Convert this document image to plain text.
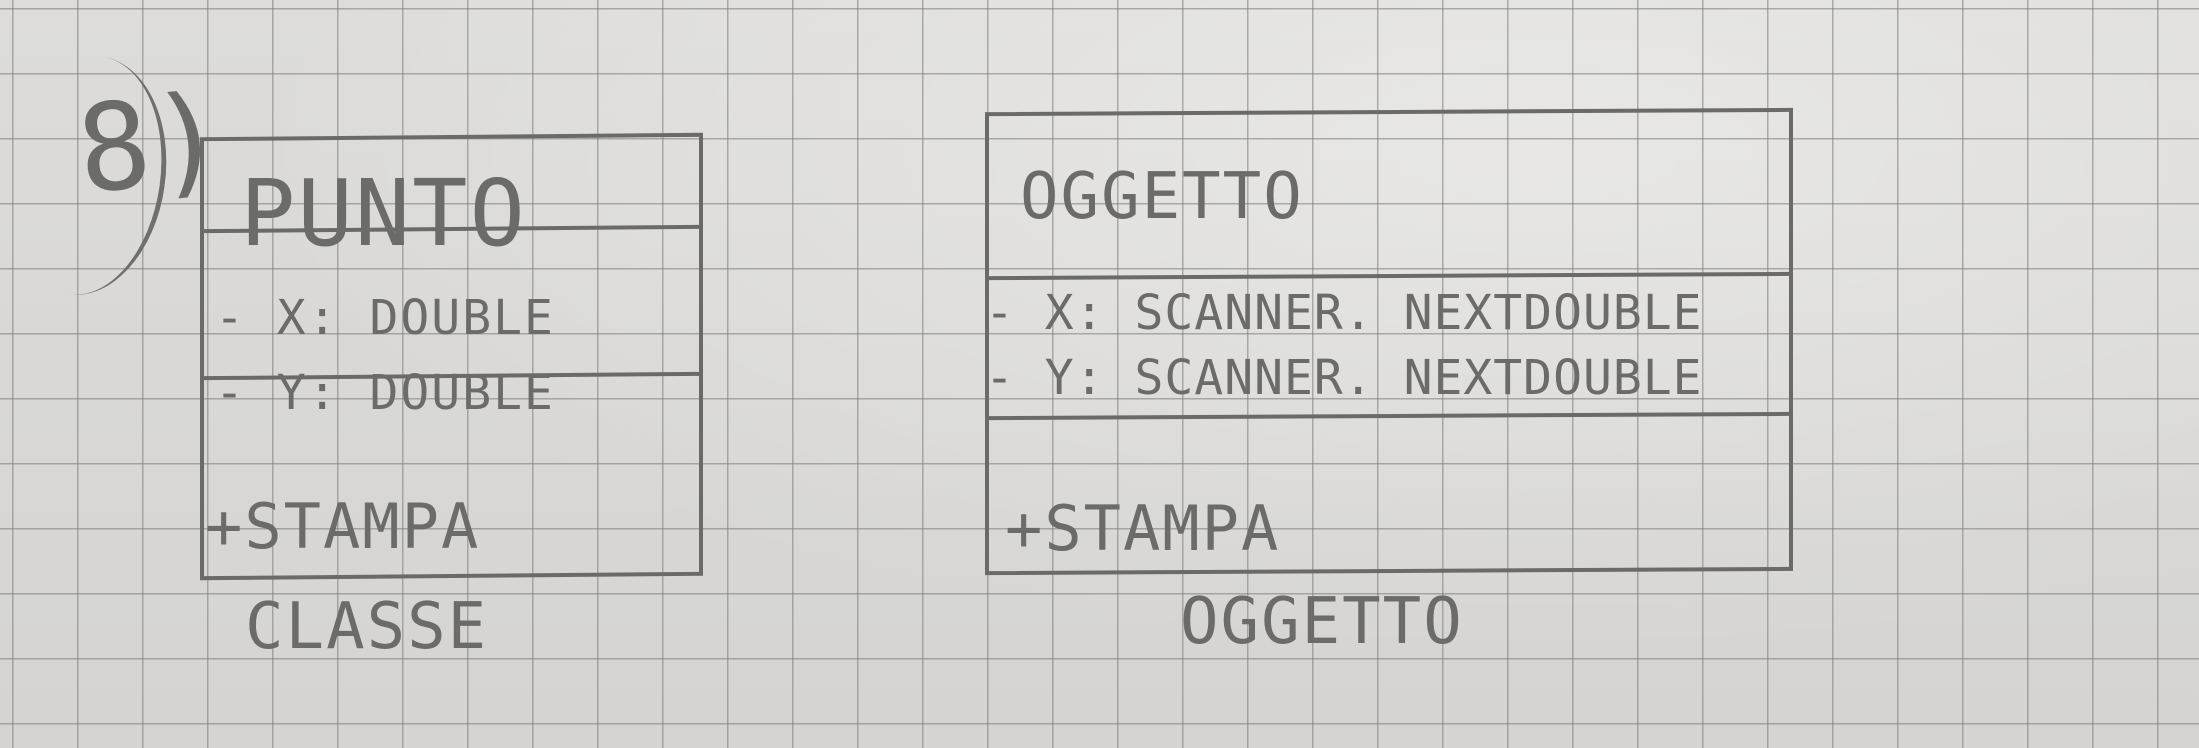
8) PUNTO
- X: DOUBLE
- Y: DOUBLE
+STAMPA
CLASSE
OGGETTO
- X: SCANNER. NEXTDOUBLE
- Y: SCANNER. NEXTDOUBLE
+STAMPA
OGGETTO
